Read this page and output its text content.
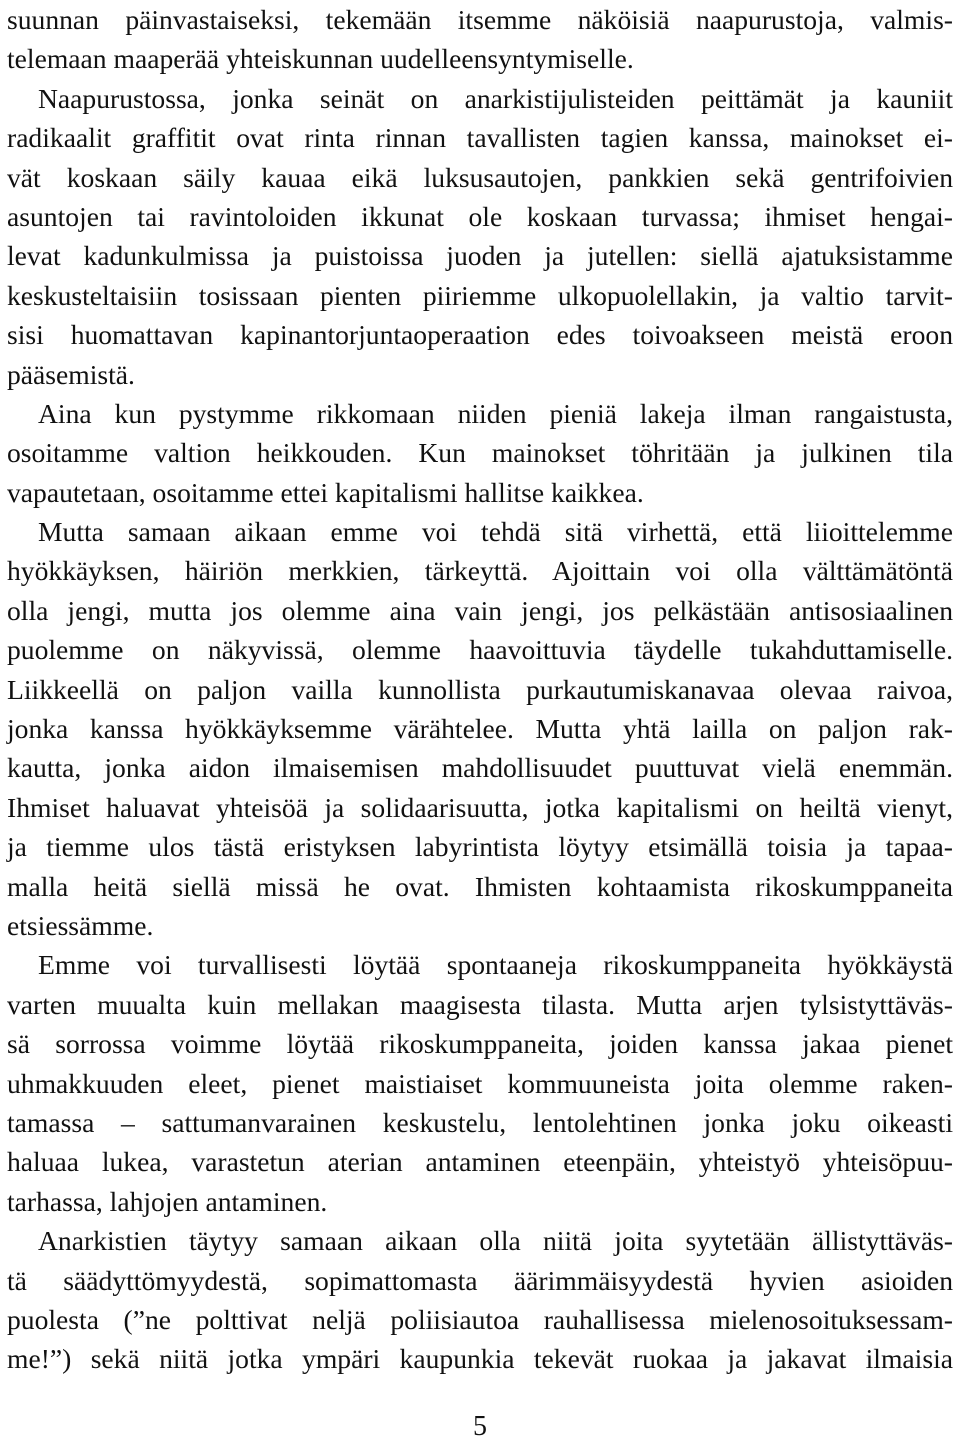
suunnan päinvastaiseksi, tekemään itsemme näköisiä naapurustoja, valmis-
telemaan maaperää yhteiskunnan uudelleensyntymiselle.
Naapurustossa, jonka seinät on anarkistijulisteiden peittämät ja kauniit
radikaalit graffitit ovat rinta rinnan tavallisten tagien kanssa, mainokset ei-
vät koskaan säily kauaa eikä luksusautojen, pankkien sekä gentrifoivien
asuntojen tai ravintoloiden ikkunat ole koskaan turvassa; ihmiset hengai-
levat kadunkulmissa ja puistoissa juoden ja jutellen: siellä ajatuksistamme
keskusteltaisiin tosissaan pienten piiriemme ulkopuolellakin, ja valtio tarvit-
sisi huomattavan kapinantorjuntaoperaation edes toivoakseen meistä eroon
pääsemistä.
Aina kun pystymme rikkomaan niiden pieniä lakeja ilman rangaistusta,
osoitamme valtion heikkouden. Kun mainokset töhritään ja julkinen tila
vapautetaan, osoitamme ettei kapitalismi hallitse kaikkea.
Mutta samaan aikaan emme voi tehdä sitä virhettä, että liioittelemme
hyökkäyksen, häiriön merkkien, tärkeyttä. Ajoittain voi olla välttämätöntä
olla jengi, mutta jos olemme aina vain jengi, jos pelkästään antisosiaalinen
puolemme on näkyvissä, olemme haavoittuvia täydelle tukahduttamiselle.
Liikkeellä on paljon vailla kunnollista purkautumiskanavaa olevaa raivoa,
jonka kanssa hyökkäyksemme värähtelee. Mutta yhtä lailla on paljon rak-
kautta, jonka aidon ilmaisemisen mahdollisuudet puuttuvat vielä enemmän.
Ihmiset haluavat yhteisöä ja solidaarisuutta, jotka kapitalismi on heiltä vienyt,
ja tiemme ulos tästä eristyksen labyrintista löytyy etsimällä toisia ja tapaa-
malla heitä siellä missä he ovat. Ihmisten kohtaamista rikoskumppaneita
etsiessämme.
Emme voi turvallisesti löytää spontaaneja rikoskumppaneita hyökkäystä
varten muualta kuin mellakan maagisesta tilasta. Mutta arjen tylsistyttäväs-
sä sorrossa voimme löytää rikoskumppaneita, joiden kanssa jakaa pienet
uhmakkuuden eleet, pienet maistiaiset kommuuneista joita olemme raken-
tamassa – sattumanvarainen keskustelu, lentolehtinen jonka joku oikeasti
haluaa lukea, varastetun aterian antaminen eteenpäin, yhteistyö yhteisöpuu-
tarhassa, lahjojen antaminen.
Anarkistien täytyy samaan aikaan olla niitä joita syytetään ällistyttäväs-
tä säädyttömyydestä, sopimattomasta äärimmäisyydestä hyvien asioiden
puolesta (”ne polttivat neljä poliisiautoa rauhallisessa mielenosoituksessam-
me!”) sekä niitä jotka ympäri kaupunkia tekevät ruokaa ja jakavat ilmaisia
5
